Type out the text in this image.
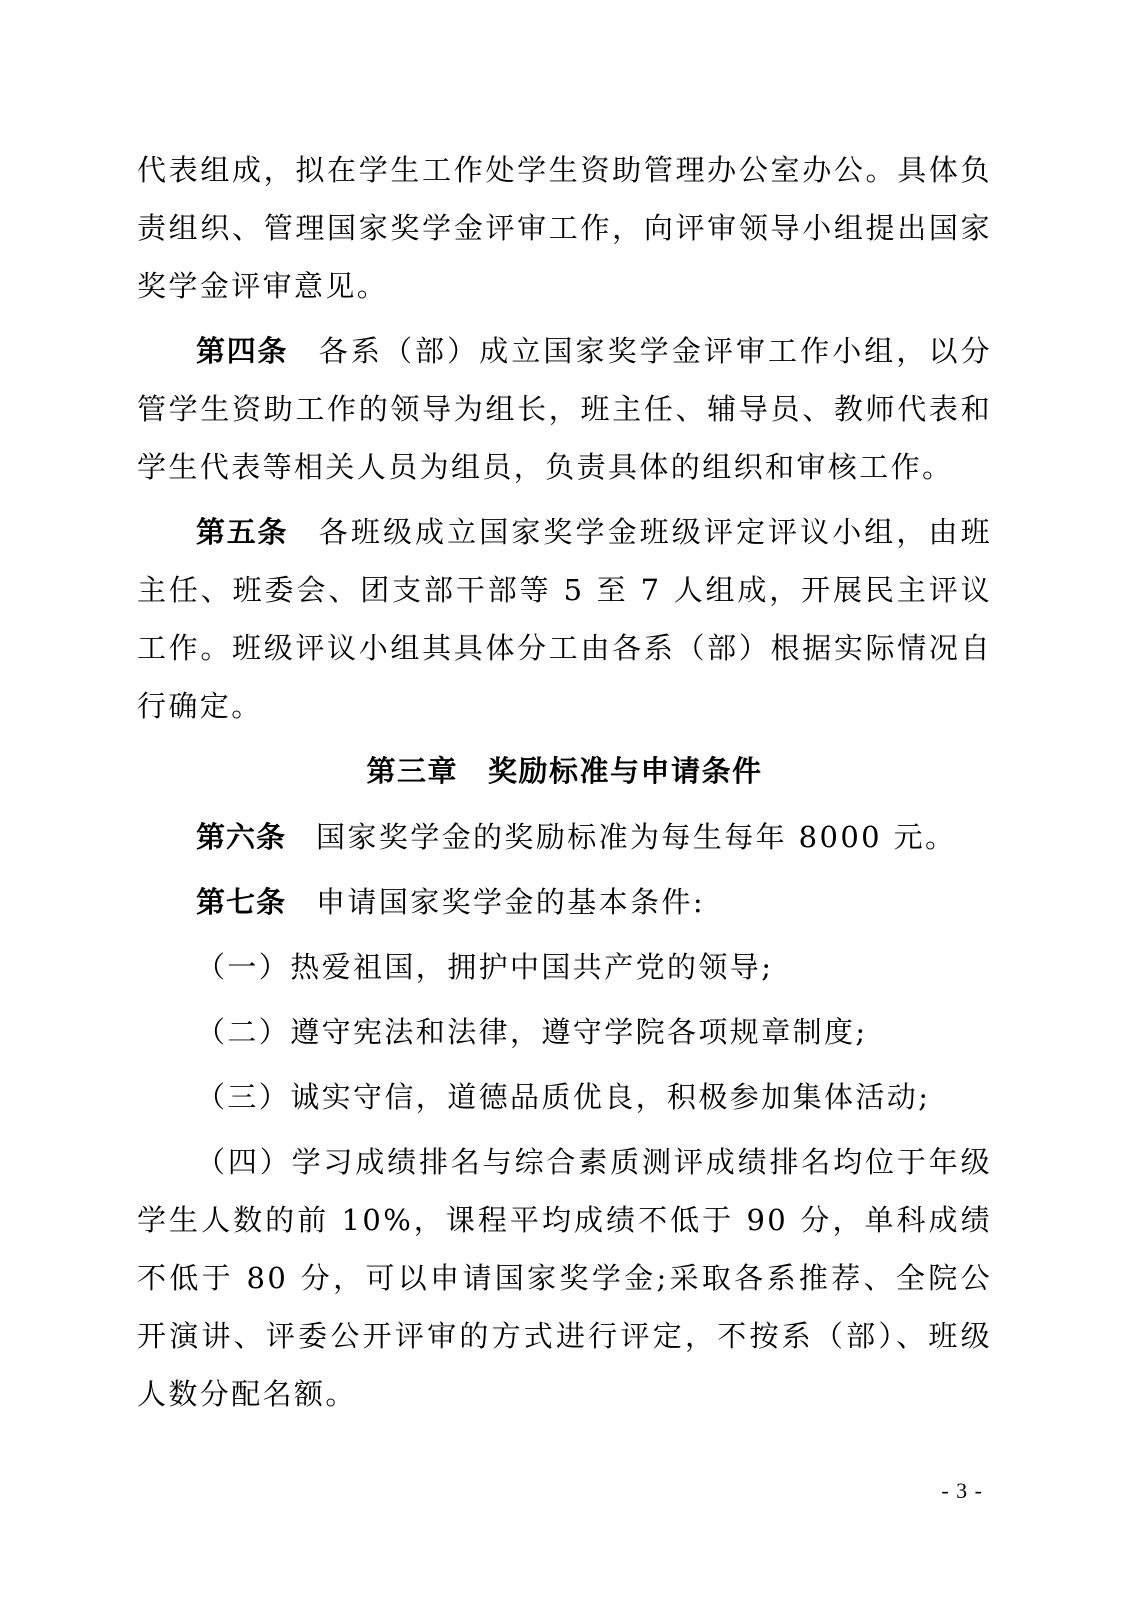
代表组成，拟在学生工作处学生资助管理办公室办公。具体负责组织、管理国家奖学金评审工作，向评审领导小组提出国家奖学金评审意见。

第四条 各系（部）成立国家奖学金评审工作小组，以分管学生资助工作的领导为组长，班主任、辅导员、教师代表和学生代表等相关人员为组员，负责具体的组织和审核工作。

第五条 各班级成立国家奖学金班级评定评议小组，由班主任、班委会、团支部干部等 5 至 7 人组成，开展民主评议工作。班级评议小组其具体分工由各系（部）根据实际情况自行确定。

第三章 奖励标准与申请条件

第六条 国家奖学金的奖励标准为每生每年 8000 元。

第七条 申请国家奖学金的基本条件:

（一）热爱祖国，拥护中国共产党的领导;

（二）遵守宪法和法律，遵守学院各项规章制度;

（三）诚实守信，道德品质优良，积极参加集体活动;

（四）学习成绩排名与综合素质测评成绩排名均位于年级学生人数的前 10%，课程平均成绩不低于 90 分，单科成绩不低于 80 分，可以申请国家奖学金;采取各系推荐、全院公开演讲、评委公开评审的方式进行评定，不按系（部）、班级人数分配名额。

- 3 -
